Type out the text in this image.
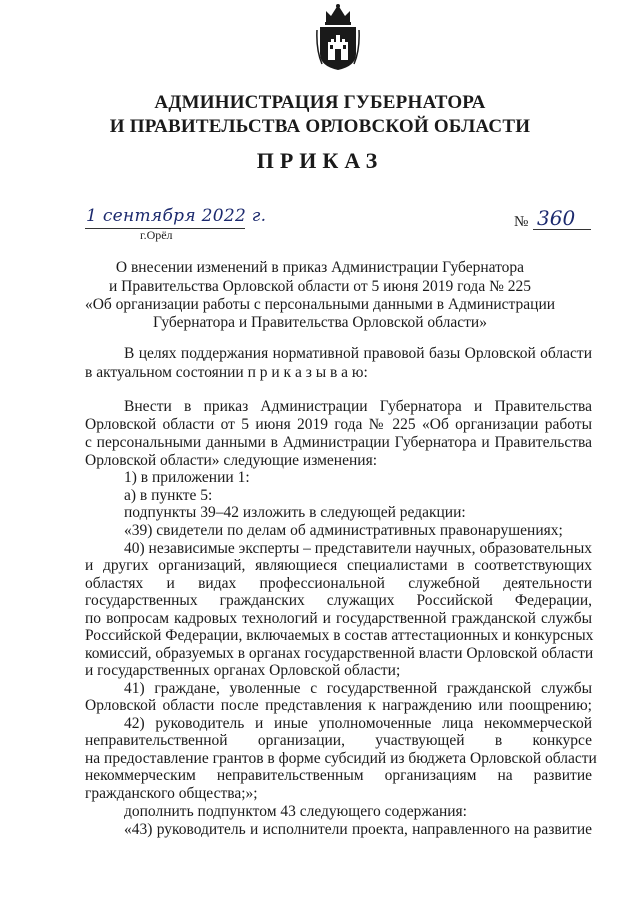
АДМИНИСТРАЦИЯ ГУБЕРНАТОРА
И ПРАВИТЕЛЬСТВА ОРЛОВСКОЙ ОБЛАСТИ
ПРИКАЗ
1 сентября 2022 г.
г.Орёл
№ 360
О внесении изменений в приказ Администрации Губернатора
и Правительства Орловской области от 5 июня 2019 года № 225
«Об организации работы с персональными данными в Администрации
Губернатора и Правительства Орловской области»
В целях поддержания нормативной правовой базы Орловской области
в актуальном состоянии п р и к а з ы в а ю:
Внести в приказ Администрации Губернатора и Правительства
Орловской области от 5 июня 2019 года № 225 «Об организации работы
с персональными данными в Администрации Губернатора и Правительства
Орловской области» следующие изменения:
1) в приложении 1:
а) в пункте 5:
подпункты 39–42 изложить в следующей редакции:
«39) свидетели по делам об административных правонарушениях;
40) независимые эксперты – представители научных, образовательных
и других организаций, являющиеся специалистами в соответствующих
областях и видах профессиональной служебной деятельности
государственных гражданских служащих Российской Федерации,
по вопросам кадровых технологий и государственной гражданской службы
Российской Федерации, включаемых в состав аттестационных и конкурсных
комиссий, образуемых в органах государственной власти Орловской области
и государственных органах Орловской области;
41) граждане, уволенные с государственной гражданской службы
Орловской области после представления к награждению или поощрению;
42) руководитель и иные уполномоченные лица некоммерческой
неправительственной организации, участвующей в конкурсе
на предоставление грантов в форме субсидий из бюджета Орловской области
некоммерческим неправительственным организациям на развитие
гражданского общества;»;
дополнить подпунктом 43 следующего содержания:
«43) руководитель и исполнители проекта, направленного на развитие
